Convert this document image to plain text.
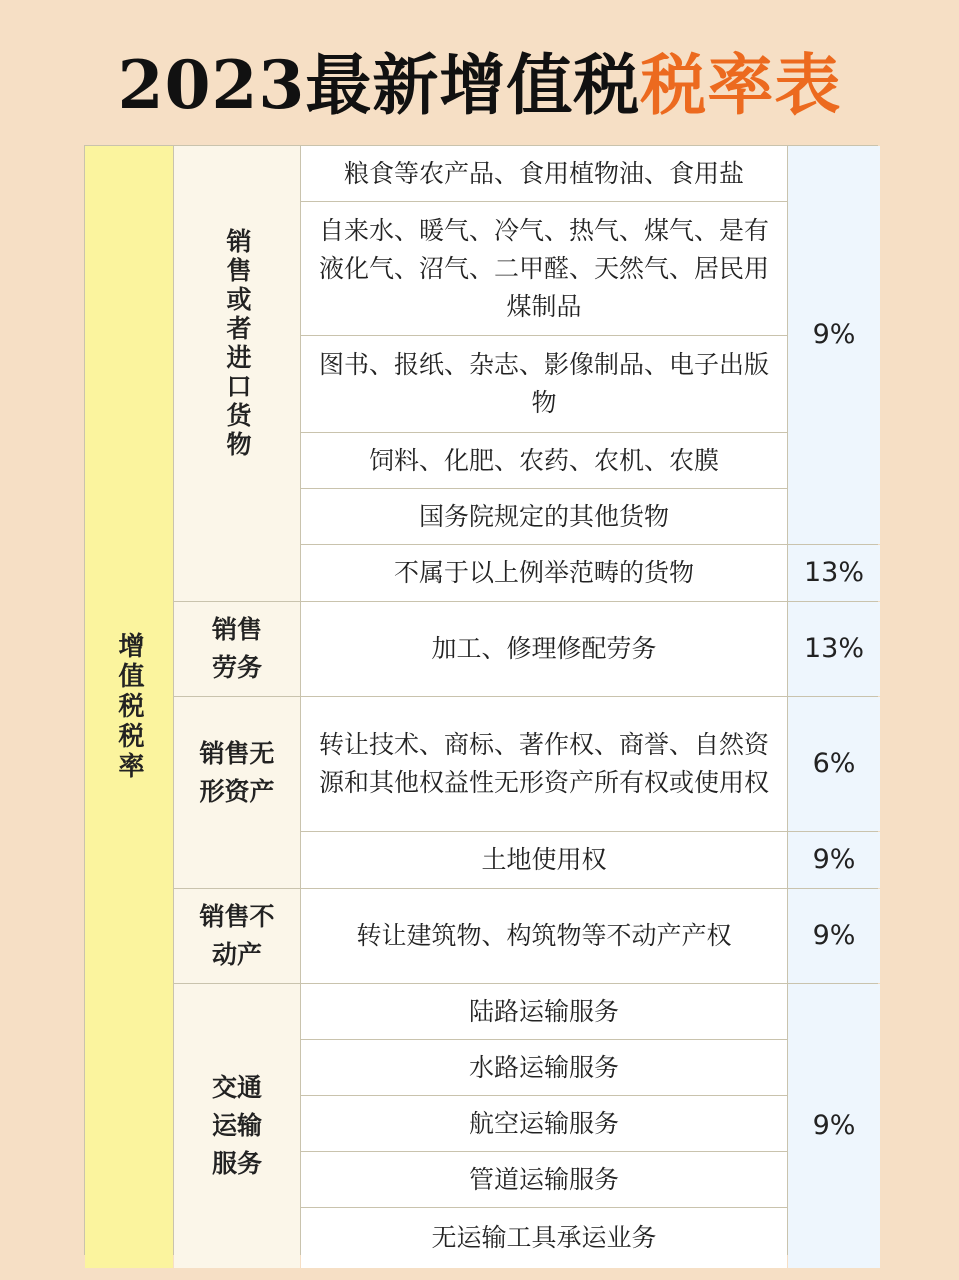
2023最新增值税税率表
增值税税率
销售或者进口货物
粮食等农产品、食用植物油、食用盐
自来水、暖气、冷气、热气、煤气、是有液化气、沼气、二甲醛、天然气、居民用煤制品
图书、报纸、杂志、影像制品、电子出版物
饲料、化肥、农药、农机、农膜
国务院规定的其他货物
不属于以上例举范畴的货物
9%
13%
销售劳务
加工、修理修配劳务	13%
销售无形资产
转让技术、商标、著作权、商誉、自然资源和其他权益性无形资产所有权或使用权
土地使用权
6%
9%
销售不动产
转让建筑物、构筑物等不动产产权	9%
交通运输服务
陆路运输服务
水路运输服务
航空运输服务
管道运输服务
无运输工具承运业务
9%
